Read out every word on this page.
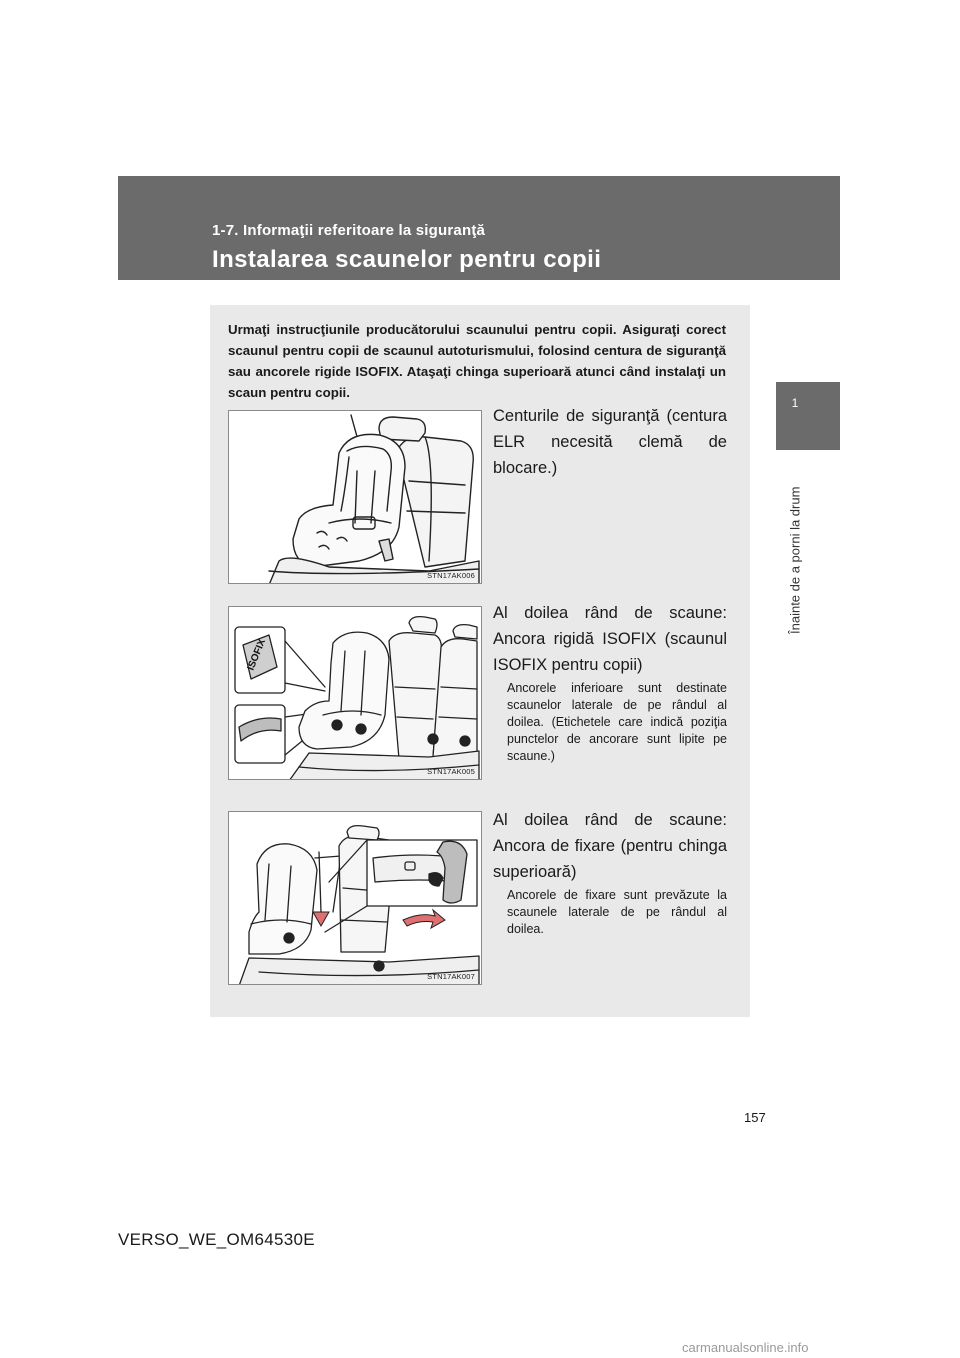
1-7. Informaţii referitoare la siguranţă
Instalarea scaunelor pentru copii
1
Înainte de a porni la drum
Urmaţi instrucţiunile producătorului scaunului pentru copii. Asiguraţi corect scaunul pentru copii de scaunul autoturismului, folosind centura de siguranţă sau ancorele rigide ISOFIX. Ataşaţi chinga superioară atunci când instalaţi un scaun pentru copii.
STN17AK006
Centurile de siguranţă (centura ELR necesită clemă de blocare.)
ISOFIX
STN17AK005
Al doilea rând de scaune: Ancora rigidă ISOFIX (scaunul ISOFIX pentru copii)
Ancorele inferioare sunt destinate scaunelor laterale de pe rândul al doilea. (Etichetele care indică poziţia punctelor de ancorare sunt lipite pe scaune.)
STN17AK007
Al doilea rând de scaune: Ancora de fixare (pentru chinga superioară)
Ancorele de fixare sunt prevăzute la scaunele laterale de pe rândul al doilea.
157
VERSO_WE_OM64530E
carmanualsonline.info
